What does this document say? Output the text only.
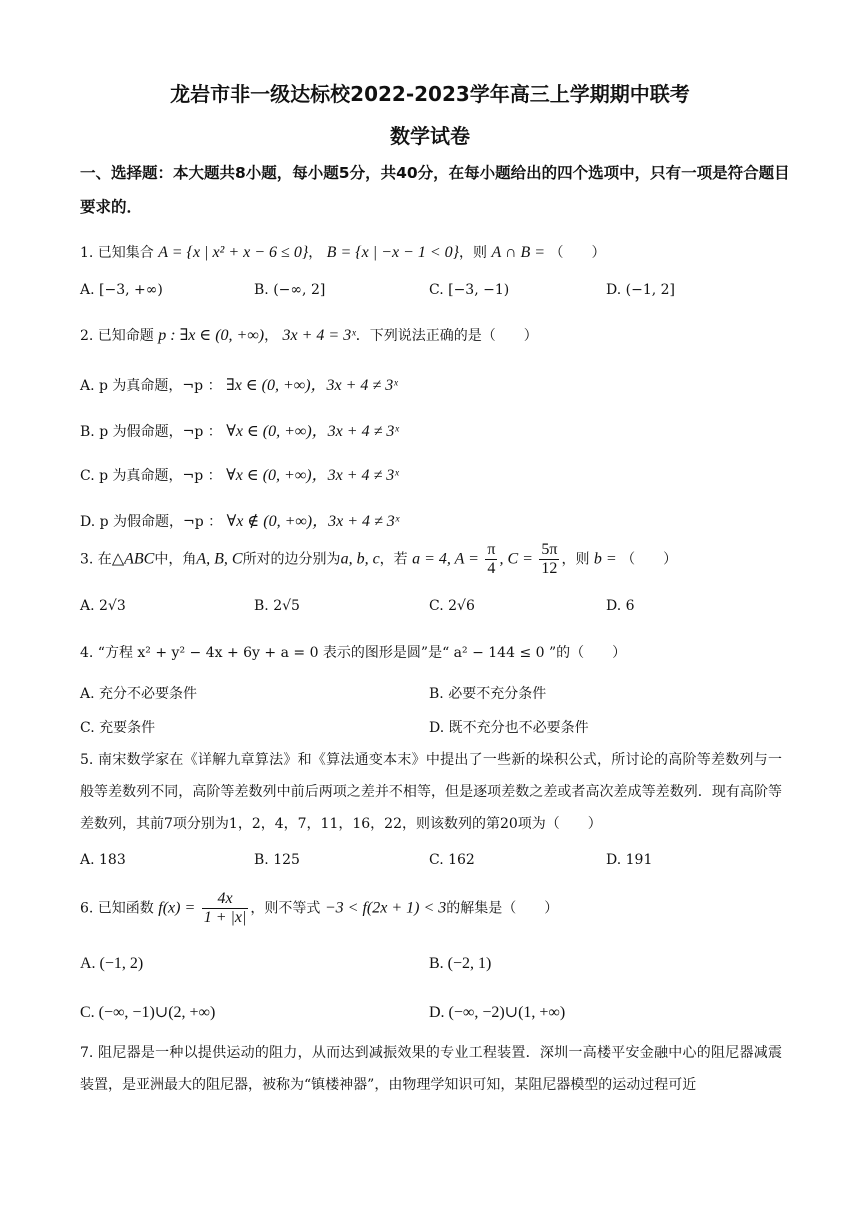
龙岩市非一级达标校2022-2023学年高三上学期期中联考
数学试卷
一、选择题：本大题共8小题，每小题5分，共40分，在每小题给出的四个选项中，只有一项是符合题目要求的．
1. 已知集合 A = {x | x² + x − 6 ≤ 0}， B = {x | −x − 1 < 0}，则 A ∩ B = （　　）
A. [−3, +∞)	B. (−∞, 2]	C. [−3, −1)	D. (−1, 2]
2. 已知命题 p : ∃x ∈ (0, +∞)， 3x + 4 = 3ˣ．下列说法正确的是（　　）
A. p 为真命题，¬p ： ∃x ∈ (0, +∞)，3x + 4 ≠ 3ˣ
B. p 为假命题，¬p ： ∀x ∈ (0, +∞)，3x + 4 ≠ 3ˣ
C. p 为真命题，¬p ： ∀x ∈ (0, +∞)，3x + 4 ≠ 3ˣ
D. p 为假命题，¬p ： ∀x ∉ (0, +∞)，3x + 4 ≠ 3ˣ
3. 在△ABC中，角A, B, C所对的边分别为a, b, c，若 a = 4, $A = \frac{\pi}{4}$ , $C = \frac{5\pi}{12}$ ，则 b = （　　）
A. 2√3	B. 2√5	C. 2√6	D. 6
4. “方程 x² + y² − 4x + 6y + a = 0 表示的图形是圆”是“ a² − 144 ≤ 0 ”的（　　）
A. 充分不必要条件	B. 必要不充分条件
C. 充要条件	D. 既不充分也不必要条件
5. 南宋数学家在《详解九章算法》和《算法通变本末》中提出了一些新的垛积公式，所讨论的高阶等差数列与一般等差数列不同，高阶等差数列中前后两项之差并不相等，但是逐项差数之差或者高次差成等差数列．现有高阶等差数列，其前7项分别为1，2，4，7，11，16，22，则该数列的第20项为（　　）
A. 183	B. 125	C. 162	D. 191
6. 已知函数 $f(x) = \frac{4x}{1 + |x|}$ ，则不等式 −3 < f(2x + 1) < 3的解集是（　　）
A. (−1, 2)	B. (−2, 1)
C. (−∞, −1)∪(2, +∞)	D. (−∞, −2)∪(1, +∞)
7. 阻尼器是一种以提供运动的阻力，从而达到减振效果的专业工程装置．深圳一高楼平安金融中心的阻尼器减震装置，是亚洲最大的阻尼器，被称为“镇楼神器”，由物理学知识可知，某阻尼器模型的运动过程可近
